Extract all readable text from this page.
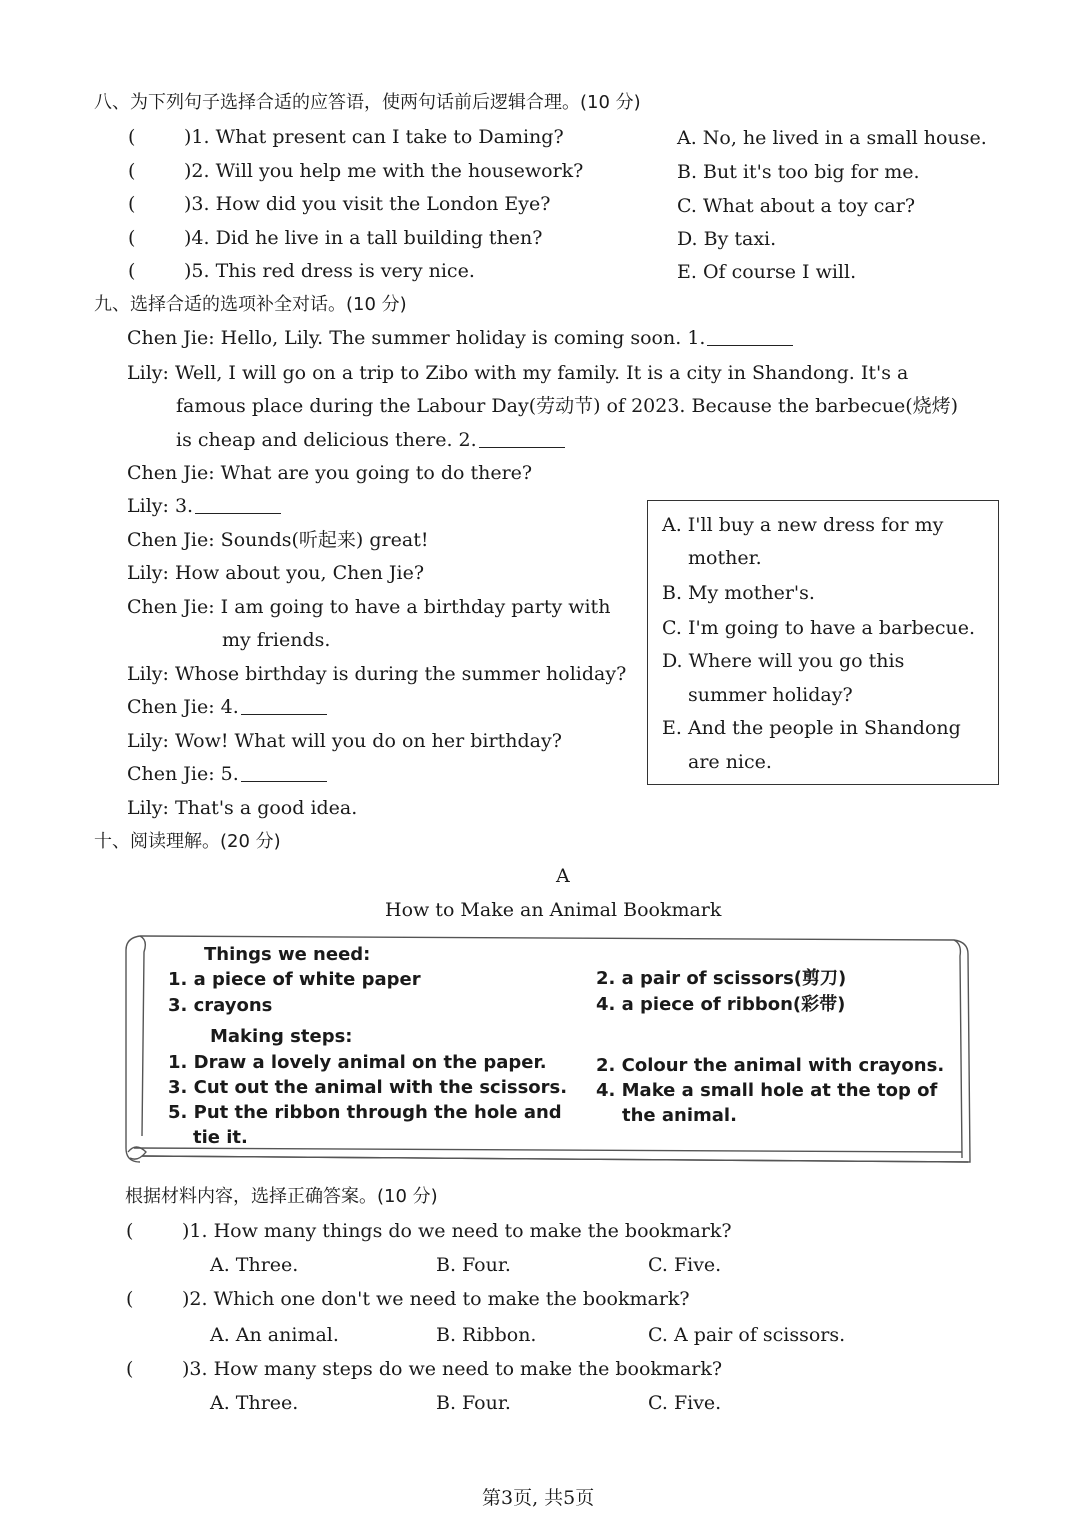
八、为下列句子选择合适的应答语，使两句话前后逻辑合理。(10 分)
(	)1. What present can I take to Daming?
(	)2. Will you help me with the housework?
(	)3. How did you visit the London Eye?
(	)4. Did he live in a tall building then?
(	)5. This red dress is very nice.
A. No, he lived in a small house.
B. But it's too big for me.
C. What about a toy car?
D. By taxi.
E. Of course I will.
九、选择合适的选项补全对话。(10 分)
Chen Jie: Hello, Lily. The summer holiday is coming soon. 1.
Lily: Well, I will go on a trip to Zibo with my family. It is a city in Shandong. It's a
famous place during the Labour Day(劳动节) of 2023. Because the barbecue(烧烤)
is cheap and delicious there. 2.
Chen Jie: What are you going to do there?
Lily: 3.
Chen Jie: Sounds(听起来) great!
Lily: How about you, Chen Jie?
Chen Jie: I am going to have a birthday party with
my friends.
Lily: Whose birthday is during the summer holiday?
Chen Jie: 4.
Lily: Wow! What will you do on her birthday?
Chen Jie: 5.
Lily: That's a good idea.
A. I'll buy a new dress for my
mother.
B. My mother's.
C. I'm going to have a barbecue.
D. Where will you go this
summer holiday?
E. And the people in Shandong
are nice.
十、阅读理解。(20 分)
A
How to Make an Animal Bookmark
Things we need:
1. a piece of white paper	2. a pair of scissors(剪刀)
3. crayons	4. a piece of ribbon(彩带)
Making steps:
1. Draw a lovely animal on the paper.	2. Colour the animal with crayons.
3. Cut out the animal with the scissors. 4. Make a small hole at the top of
the animal.
5. Put the ribbon through the hole and
tie it.
根据材料内容，选择正确答案。(10 分)
(	)1. How many things do we need to make the bookmark?
A. Three.	B. Four.	C. Five.
(	)2. Which one don't we need to make the bookmark?
A. An animal.	B. Ribbon.	C. A pair of scissors.
(	)3. How many steps do we need to make the bookmark?
A. Three.	B. Four.	C. Five.
第3页, 共5页
